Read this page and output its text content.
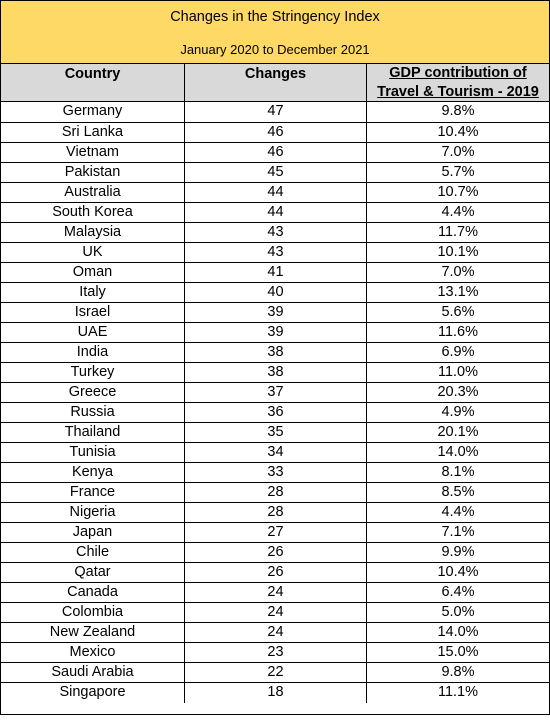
Changes in the Stringency Index
January 2020 to December 2021
Country	Changes	GDP contribution of
Travel & Tourism - 2019
Germany	47	9.8%
Sri Lanka	46	10.4%
Vietnam	46	7.0%
Pakistan	45	5.7%
Australia	44	10.7%
South Korea	44	4.4%
Malaysia	43	11.7%
UK	43	10.1%
Oman	41	7.0%
Italy	40	13.1%
Israel	39	5.6%
UAE	39	11.6%
India	38	6.9%
Turkey	38	11.0%
Greece	37	20.3%
Russia	36	4.9%
Thailand	35	20.1%
Tunisia	34	14.0%
Kenya	33	8.1%
France	28	8.5%
Nigeria	28	4.4%
Japan	27	7.1%
Chile	26	9.9%
Qatar	26	10.4%
Canada	24	6.4%
Colombia	24	5.0%
New Zealand	24	14.0%
Mexico	23	15.0%
Saudi Arabia	22	9.8%
Singapore	18	11.1%
